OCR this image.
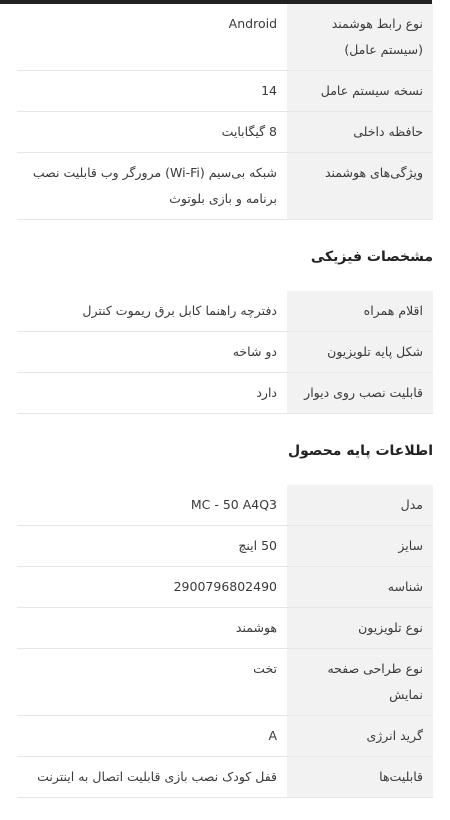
نوع رابط هوشمند (سیستم عامل)	Android
نسخه سیستم عامل	14
حافظه داخلی	8 گیگابایت
ویژگی‌های هوشمند	شبکه بی‌سیم (Wi-Fi) مرورگر وب قابلیت نصب برنامه و بازی بلوتوث
مشخصات فیزیکی
اقلام همراه	دفترچه راهنما کابل برق ریموت کنترل
شکل پایه تلویزیون	دو شاخه
قابلیت نصب روی دیوار	دارد
اطلاعات پایه محصول
مدل	MC - 50 A4Q3
سایز	50 اینچ
شناسه	2900796802490
نوع تلویزیون	هوشمند
نوع طراحی صفحه نمایش	تخت
گرید انرژی	A
قابلیت‌ها	قفل کودک نصب بازی قابلیت اتصال به اینترنت
